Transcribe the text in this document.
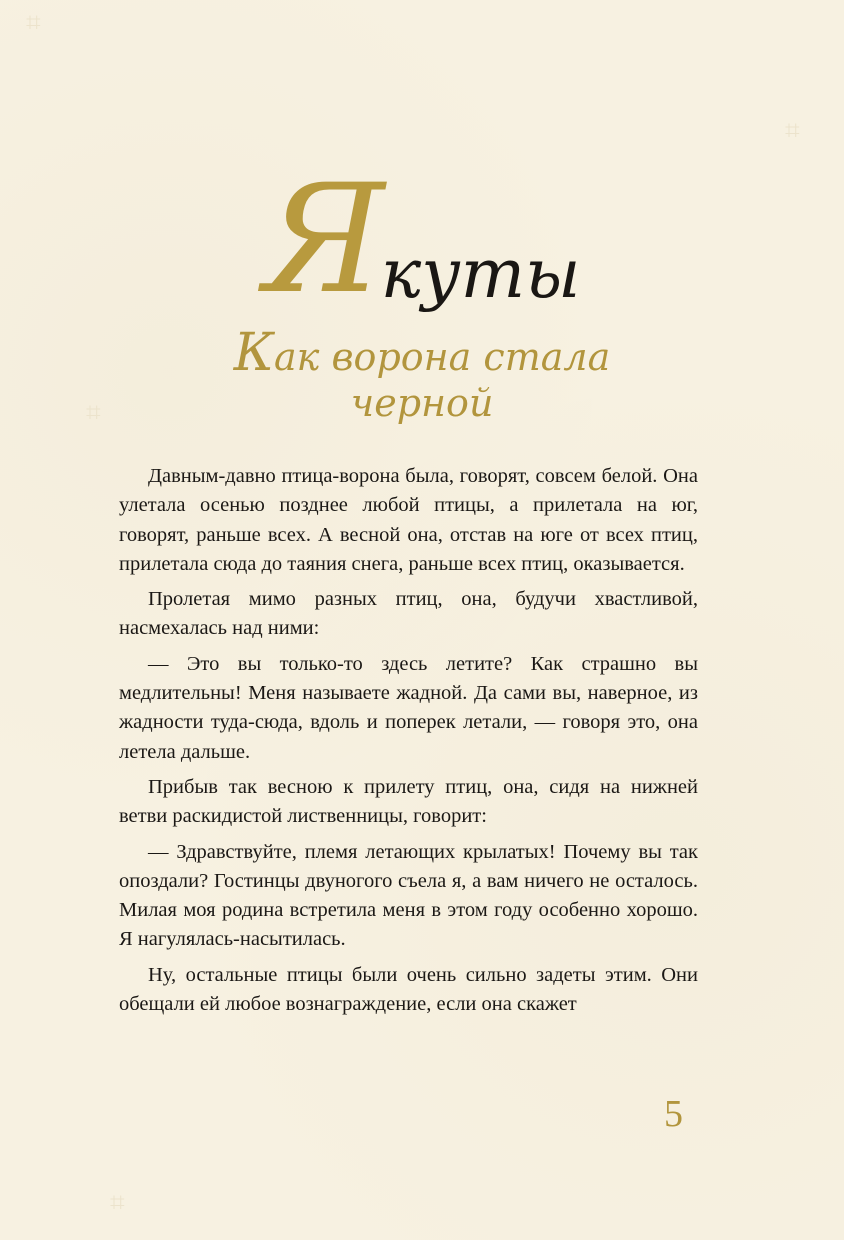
⌗
⌗
⌗
⌗
Якуты
Как ворона стала
черной

Давным-давно птица-ворона была, говорят, совсем белой. Она улетала осенью позднее любой птицы, а прилетала на юг, говорят, раньше всех. А весной она, отстав на юге от всех птиц, прилетала сюда до таяния снега, раньше всех птиц, оказывается.

Пролетая мимо разных птиц, она, будучи хвастливой, насмехалась над ними:

— Это вы только-то здесь летите? Как страшно вы медлительны! Меня называете жадной. Да сами вы, наверное, из жадности туда-сюда, вдоль и поперек летали, — говоря это, она летела дальше.

Прибыв так весною к прилету птиц, она, сидя на нижней ветви раскидистой лиственницы, говорит:

— Здравствуйте, племя летающих крылатых! Почему вы так опоздали? Гостинцы двуногого съела я, а вам ничего не осталось. Милая моя родина встретила меня в этом году особенно хорошо. Я нагулялась-насытилась.

Ну, остальные птицы были очень сильно задеты этим. Они обещали ей любое вознаграждение, если она скажет

5
